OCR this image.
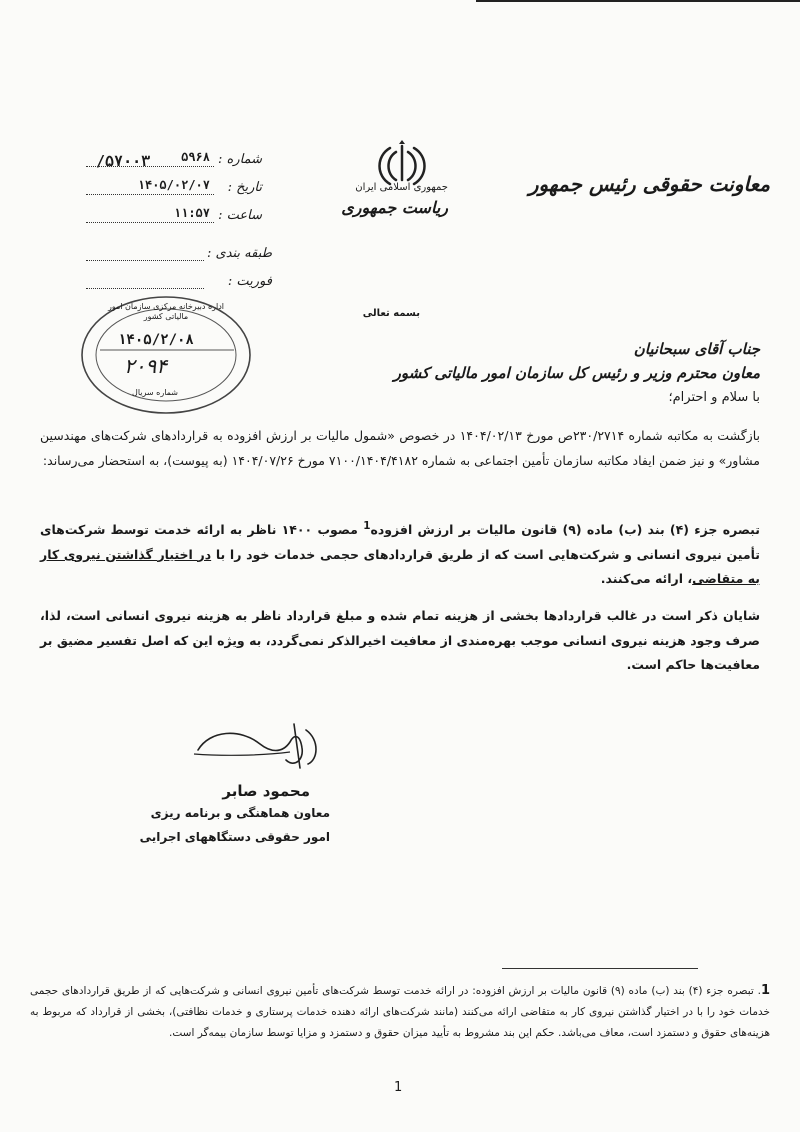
معاونت حقوقی رئیس جمهور
جمهوری اسلامی ایران
ریاست جمهوری
/۵۷۰۰۳	شماره :
۵۹۶۸
تاریخ :
۱۴۰۵/۰۲/۰۷
ساعت :
۱۱:۵۷
طبقه بندی :
فوریت :
اداره دبیرخانه مرکزی سازمان امور مالیاتی کشور
۱۴۰۵/۲/۰۸
۲۰۹۴
شماره سریال
بسمه تعالی
جناب آقای سبحانیان
معاون محترم وزیر و رئیس کل سازمان امور مالیاتی کشور
با سلام و احترام؛
بازگشت به مکاتبه شماره ۲۳۰/۲۷۱۴ص مورخ ۱۴۰۴/۰۲/۱۳ در خصوص «شمول مالیات بر ارزش افزوده به قراردادهای شرکت‌های مهندسین مشاور» و نیز ضمن ایفاد مکاتبه سازمان تأمین اجتماعی به شماره ۷۱۰۰/۱۴۰۴/۴۱۸۲ مورخ ۱۴۰۴/۰۷/۲۶ (به پیوست)، به استحضار می‌رساند:
تبصره جزء (۴) بند (ب) ماده (۹) قانون مالیات بر ارزش افزوده$^1$ مصوب ۱۴۰۰ ناظر به ارائه خدمت توسط شرکت‌های تأمین نیروی انسانی و شرکت‌هایی است که از طریق قراردادهای حجمی خدمات خود را با در اختیار گذاشتن نیروی کار به متقاضی، ارائه می‌کنند.
شایان ذکر است در غالب قراردادها بخشی از هزینه تمام شده و مبلغ قرارداد ناظر به هزینه نیروی انسانی است، لذا، صرف وجود هزینه نیروی انسانی موجب بهره‌مندی از معافیت اخیرالذکر نمی‌گردد، به ویژه این که اصل تفسیر مضیق بر معافیت‌ها حاکم است.
محمود صابر
معاون هماهنگی و برنامه ریزی
امور حقوقی دستگاههای اجرایی
1. تبصره جزء (۴) بند (ب) ماده (۹) قانون مالیات بر ارزش افزوده: در ارائه خدمت توسط شرکت‌های تأمین نیروی انسانی و شرکت‌هایی که از طریق قراردادهای حجمی خدمات خود را با در اختیار گذاشتن نیروی کار به متقاضی ارائه می‌کنند (مانند شرکت‌های ارائه دهنده خدمات پرستاری و خدمات نظافتی)، بخشی از قرارداد که مربوط به هزینه‌های حقوق و دستمزد است، معاف می‌باشد. حکم این بند مشروط به تأیید میزان حقوق و دستمزد و مزایا توسط سازمان بیمه‌گر است.
1
